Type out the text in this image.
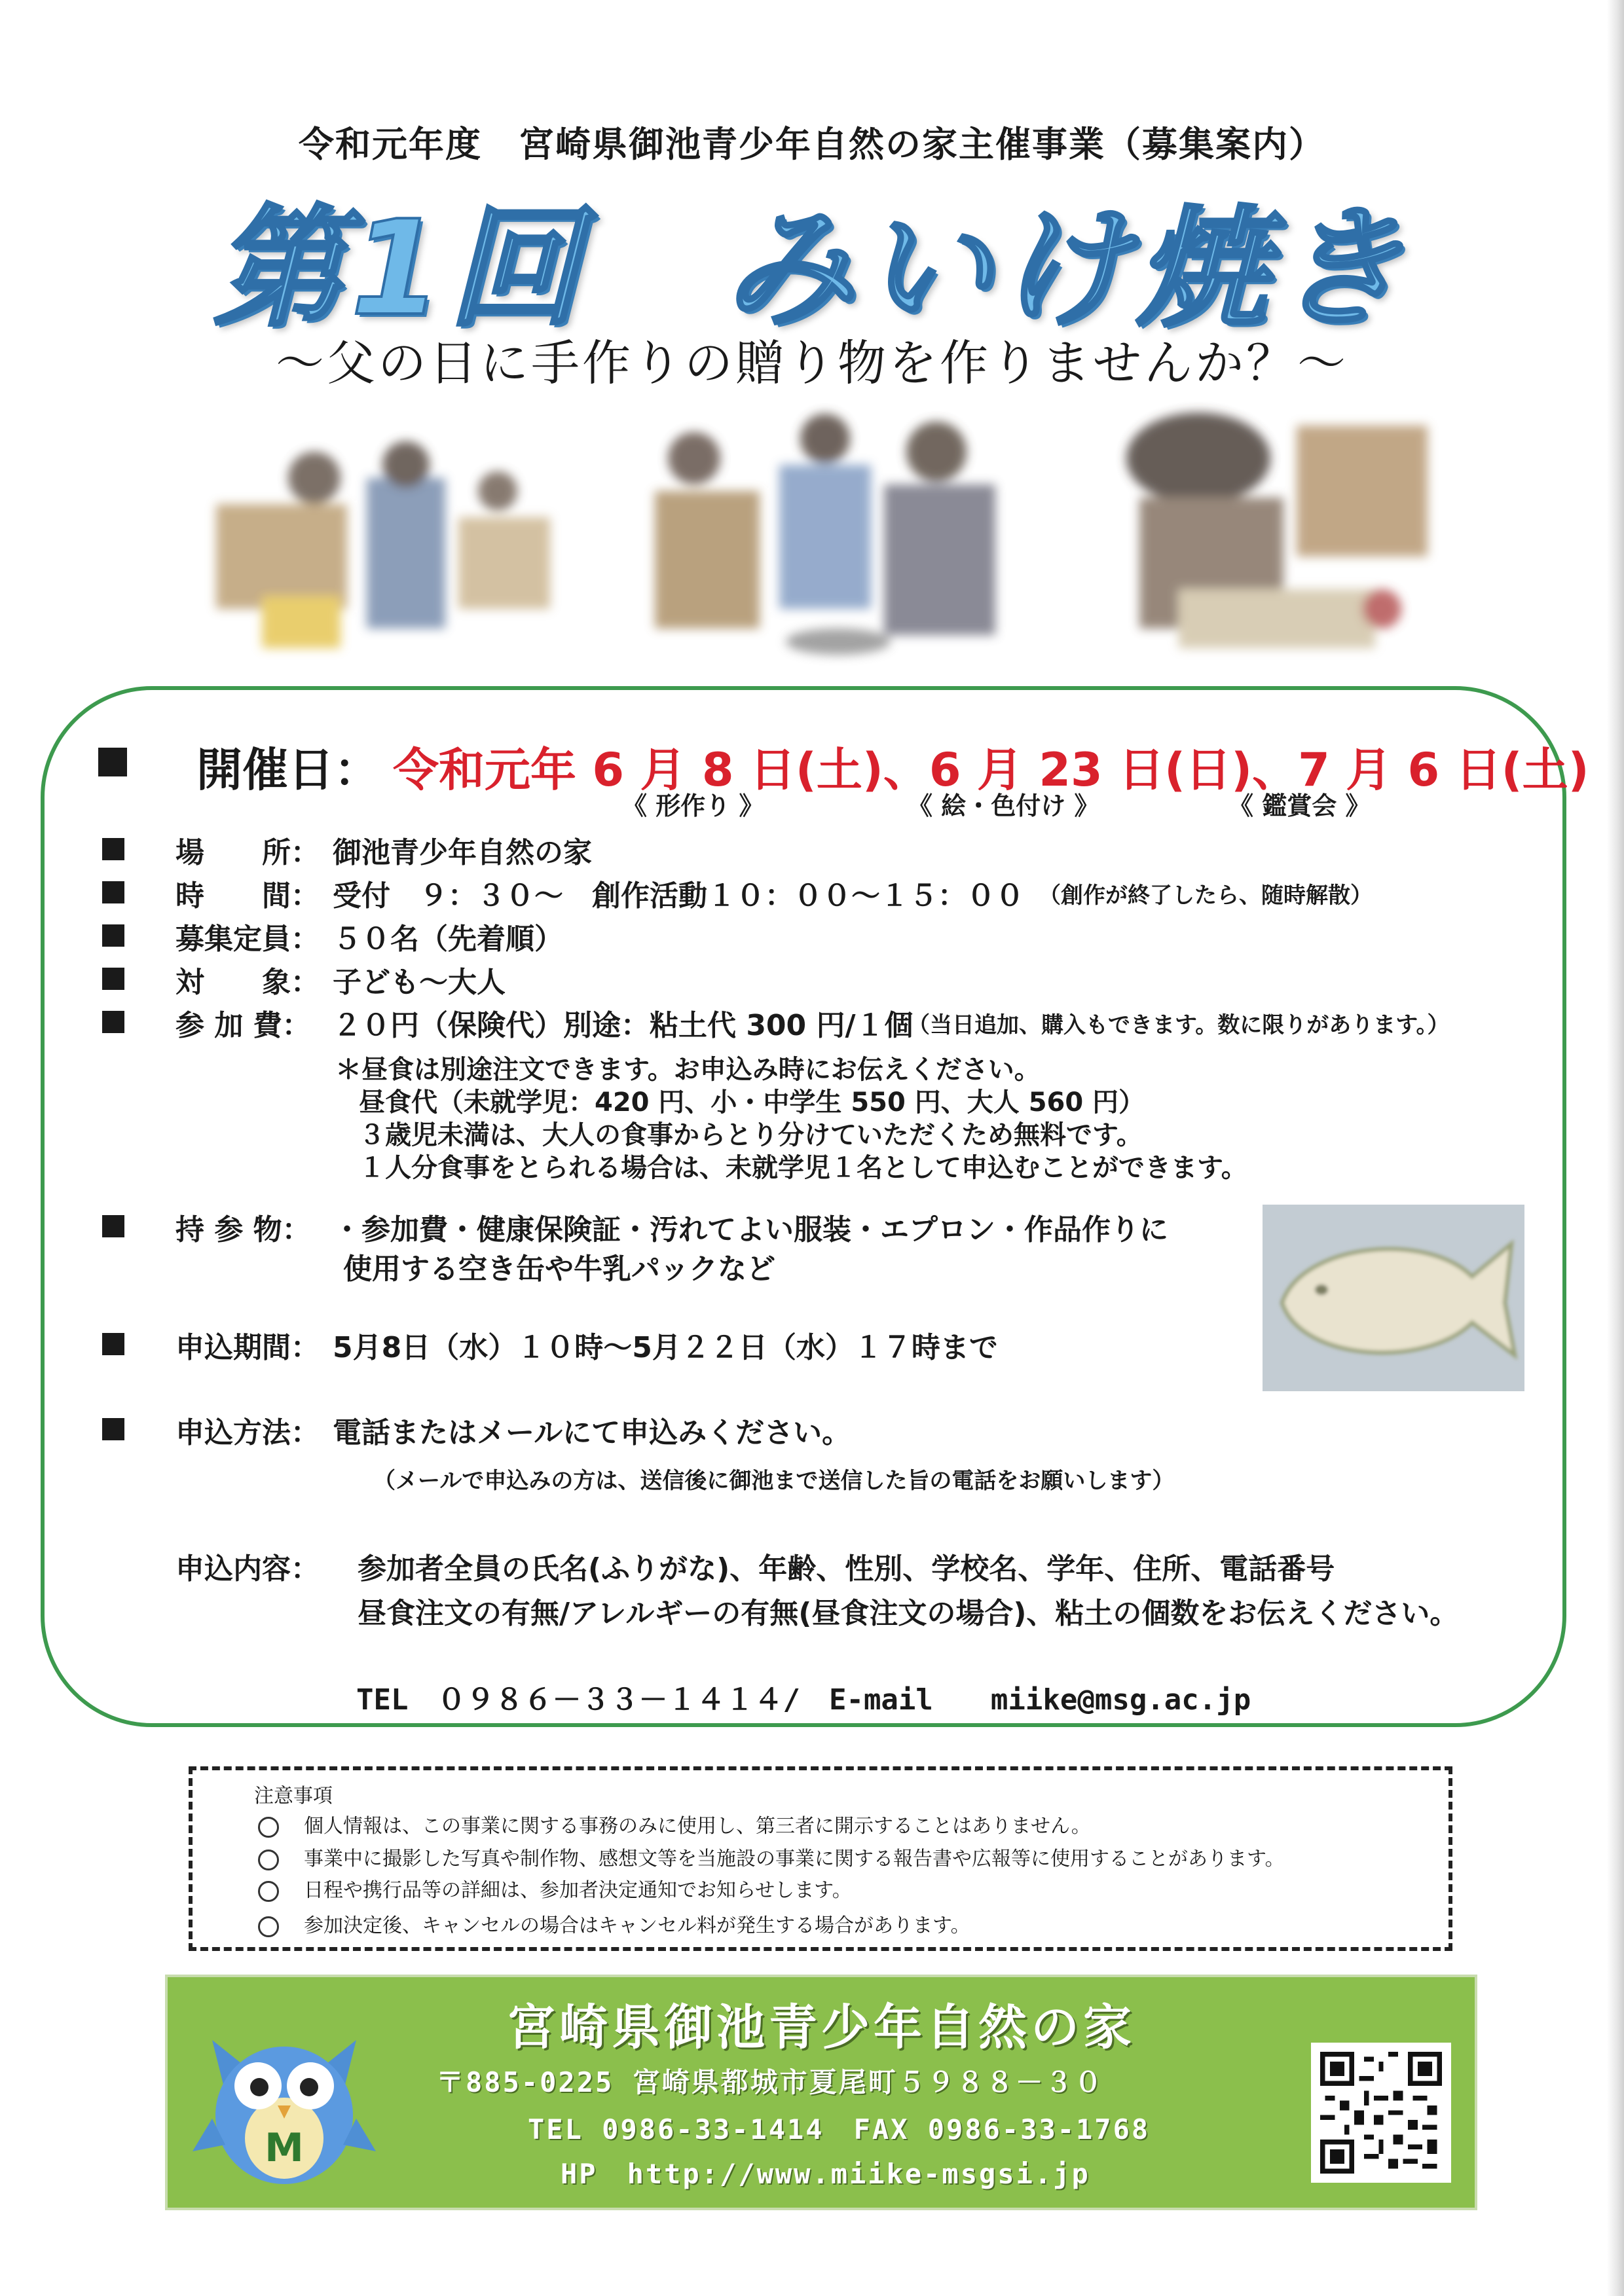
令和元年度　宮崎県御池青少年自然の家主催事業（募集案内）
第1回　みいけ焼き
～父の日に手作りの贈り物を作りませんか？～
開催日： 令和元年 6 月 8 日(土)、6 月 23 日(日)、7 月 6 日(土)
《 形作り 》	《 絵・色付け 》	《 鑑賞会 》
場　　所： 御池青少年自然の家
時　　間： 受付　９：３０～　創作活動１０：００～１５：００ （創作が終了したら、随時解散）
募集定員： ５０名（先着順）
対　　象： 子ども～大人
参 加 費： ２０円（保険代）別途：粘土代 300 円/１個
（当日追加、購入もできます。数に限りがあります。）
＊昼食は別途注文できます。お申込み時にお伝えください。
昼食代（未就学児：420 円、小・中学生 550 円、大人 560 円）
３歳児未満は、大人の食事からとり分けていただくため無料です。
１人分食事をとられる場合は、未就学児１名として申込むことができます。
持 参 物： ・参加費・健康保険証・汚れてよい服装・エプロン・作品作りに
使用する空き缶や牛乳パックなど
申込期間： 5月8日（水）１０時～5月２２日（水）１７時まで
申込方法： 電話またはメールにて申込みください。
（メールで申込みの方は、送信後に御池まで送信した旨の電話をお願いします）
申込内容： 参加者全員の氏名(ふりがな)、年齢、性別、学校名、学年、住所、電話番号
昼食注文の有無/アレルギーの有無(昼食注文の場合)、粘土の個数をお伝えください。
TEL　０９８６－３３－１４１４/　E-mail　　miike@msg.ac.jp
注意事項
個人情報は、この事業に関する事務のみに使用し、第三者に開示することはありません。
事業中に撮影した写真や制作物、感想文等を当施設の事業に関する報告書や広報等に使用することがあります。
日程や携行品等の詳細は、参加者決定通知でお知らせします。
参加決定後、キャンセルの場合はキャンセル料が発生する場合があります。
M
宮崎県御池青少年自然の家
〒885-0225 宮崎県都城市夏尾町５９８８－３０
TEL 0986-33-1414　FAX 0986-33-1768
HP　http://www.miike-msgsi.jp
